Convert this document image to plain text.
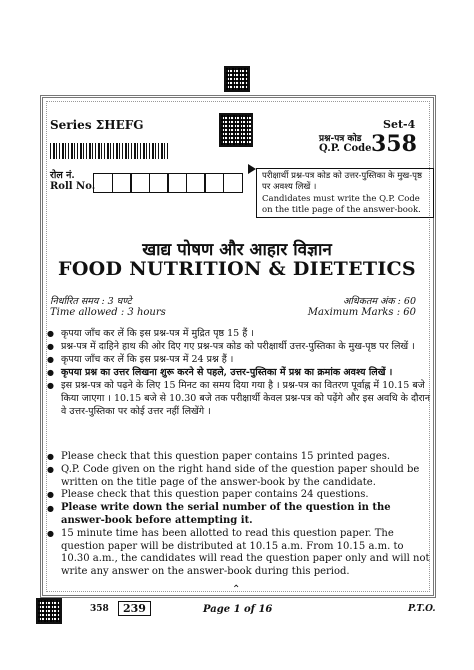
Series ΣHEFG	Set-4
प्रश्न-पत्र कोड
Q.P. Code 358
रोल नं.
Roll No.
परीक्षार्थी प्रश्न-पत्र कोड को उत्तर-पुस्तिका के मुख-पृष्ठ पर अवश्य लिखें ।
Candidates must write the Q.P. Code on the title page of the answer-book.
खाद्य पोषण और आहार विज्ञान
FOOD NUTRITION & DIETETICS
निर्धारित समय : 3 घण्टे
Time allowed : 3 hours
अधिकतम अंक : 60
Maximum Marks : 60
● कृपया जाँच कर लें कि इस प्रश्न-पत्र में मुद्रित पृष्ठ 15 हैं ।
● प्रश्न-पत्र में दाहिने हाथ की ओर दिए गए प्रश्न-पत्र कोड को परीक्षार्थी उत्तर-पुस्तिका के मुख-पृष्ठ पर लिखें ।
● कृपया जाँच कर लें कि इस प्रश्न-पत्र में 24 प्रश्न हैं ।
● कृपया प्रश्न का उत्तर लिखना शुरू करने से पहले, उत्तर-पुस्तिका में प्रश्न का क्रमांक अवश्य लिखें ।
● इस प्रश्न-पत्र को पढ़ने के लिए 15 मिनट का समय दिया गया है । प्रश्न-पत्र का वितरण पूर्वाह्न में 10.15 बजे किया जाएगा । 10.15 बजे से 10.30 बजे तक परीक्षार्थी केवल प्रश्न-पत्र को पढ़ेंगे और इस अवधि के दौरान वे उत्तर-पुस्तिका पर कोई उत्तर नहीं लिखेंगे ।
● Please check that this question paper contains 15 printed pages.
● Q.P. Code given on the right hand side of the question paper should be written on the title page of the answer-book by the candidate.
● Please check that this question paper contains 24 questions.
● Please write down the serial number of the question in the answer-book before attempting it.
● 15 minute time has been allotted to read this question paper. The question paper will be distributed at 10.15 a.m. From 10.15 a.m. to 10.30 a.m., the candidates will read the question paper only and will not write any answer on the answer-book during this period.
⌃
358	239	Page 1 of 16	P.T.O.
